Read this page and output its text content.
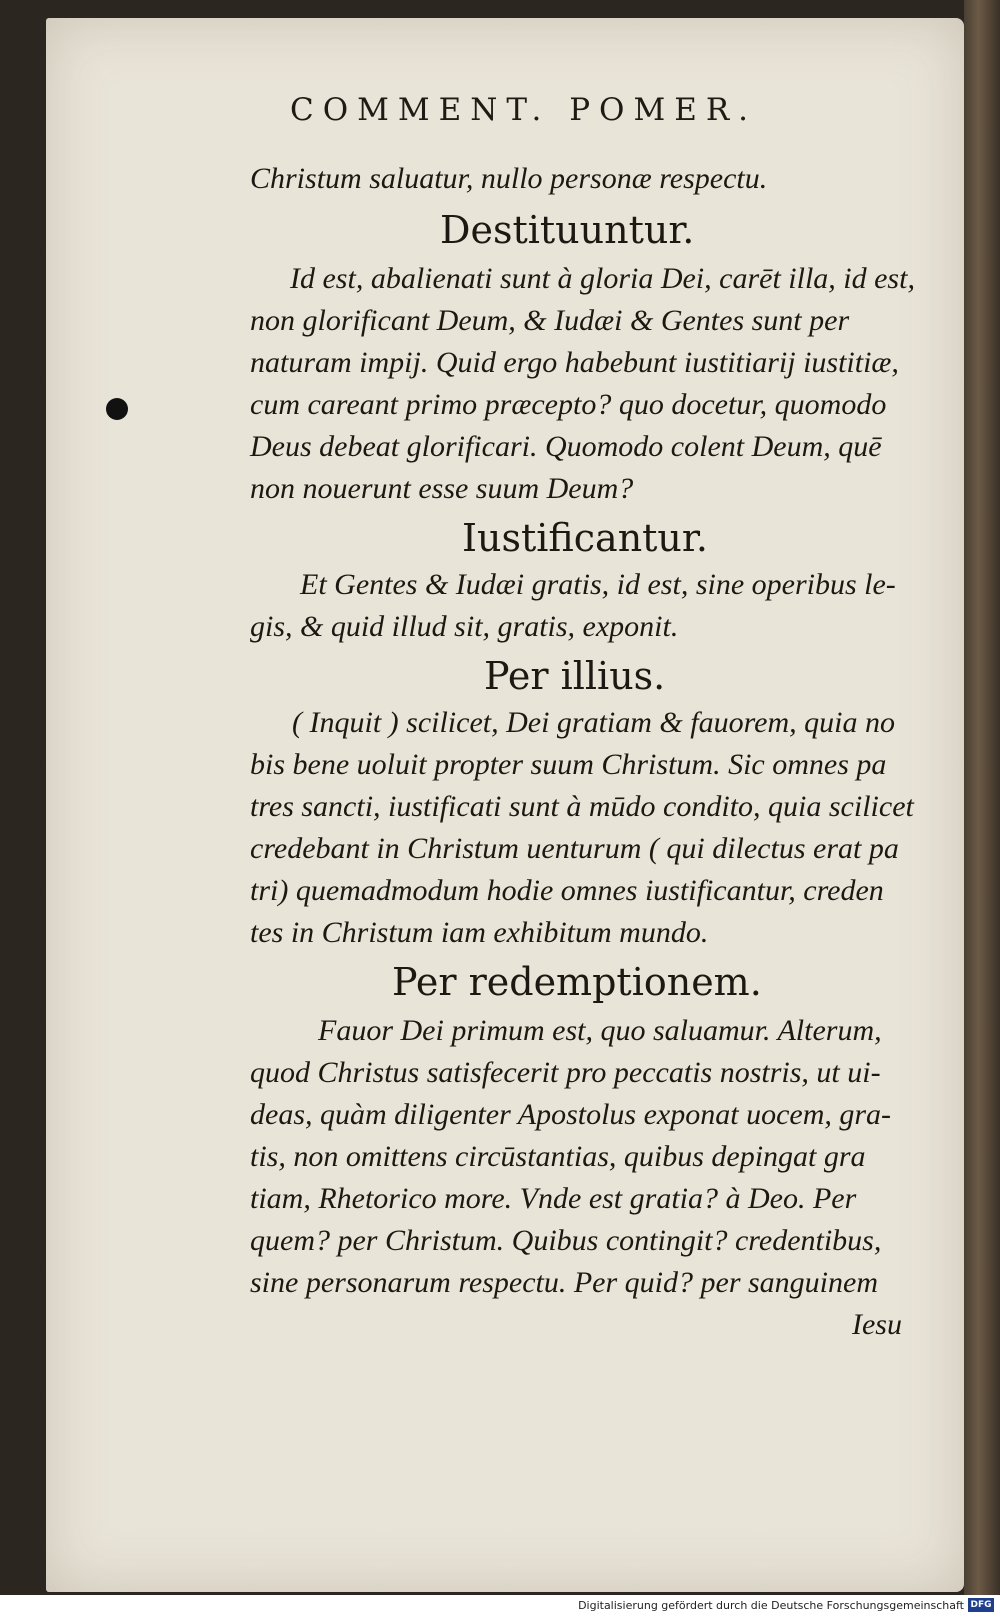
COMMENT. POMER.
Christum saluatur, nullo personæ respectu.
Destituuntur.
Id est, abalienati sunt à gloria Dei, carēt illa, id est,
non glorificant Deum, & Iudæi & Gentes sunt per
naturam impij. Quid ergo habebunt iustitiarij iustitiæ,
cum careant primo præcepto? quo docetur, quomodo
Deus debeat glorificari. Quomodo colent Deum, quē
non nouerunt esse suum Deum?
Iustificantur.
Et Gentes & Iudæi gratis, id est, sine operibus le-
gis, & quid illud sit, gratis, exponit.
Per illius.
( Inquit ) scilicet, Dei gratiam & fauorem, quia no
bis bene uoluit propter suum Christum. Sic omnes pa
tres sancti, iustificati sunt à mūdo condito, quia scilicet
credebant in Christum uenturum ( qui dilectus erat pa
tri) quemadmodum hodie omnes iustificantur, creden
tes in Christum iam exhibitum mundo.
Per redemptionem.
Fauor Dei primum est, quo saluamur. Alterum,
quod Christus satisfecerit pro peccatis nostris, ut ui-
deas, quàm diligenter Apostolus exponat uocem, gra-
tis, non omittens circūstantias, quibus depingat gra
tiam, Rhetorico more. Vnde est gratia? à Deo. Per
quem? per Christum. Quibus contingit? credentibus,
sine personarum respectu. Per quid? per sanguinem
Iesu
Digitalisierung gefördert durch die Deutsche Forschungsgemeinschaft DFG
